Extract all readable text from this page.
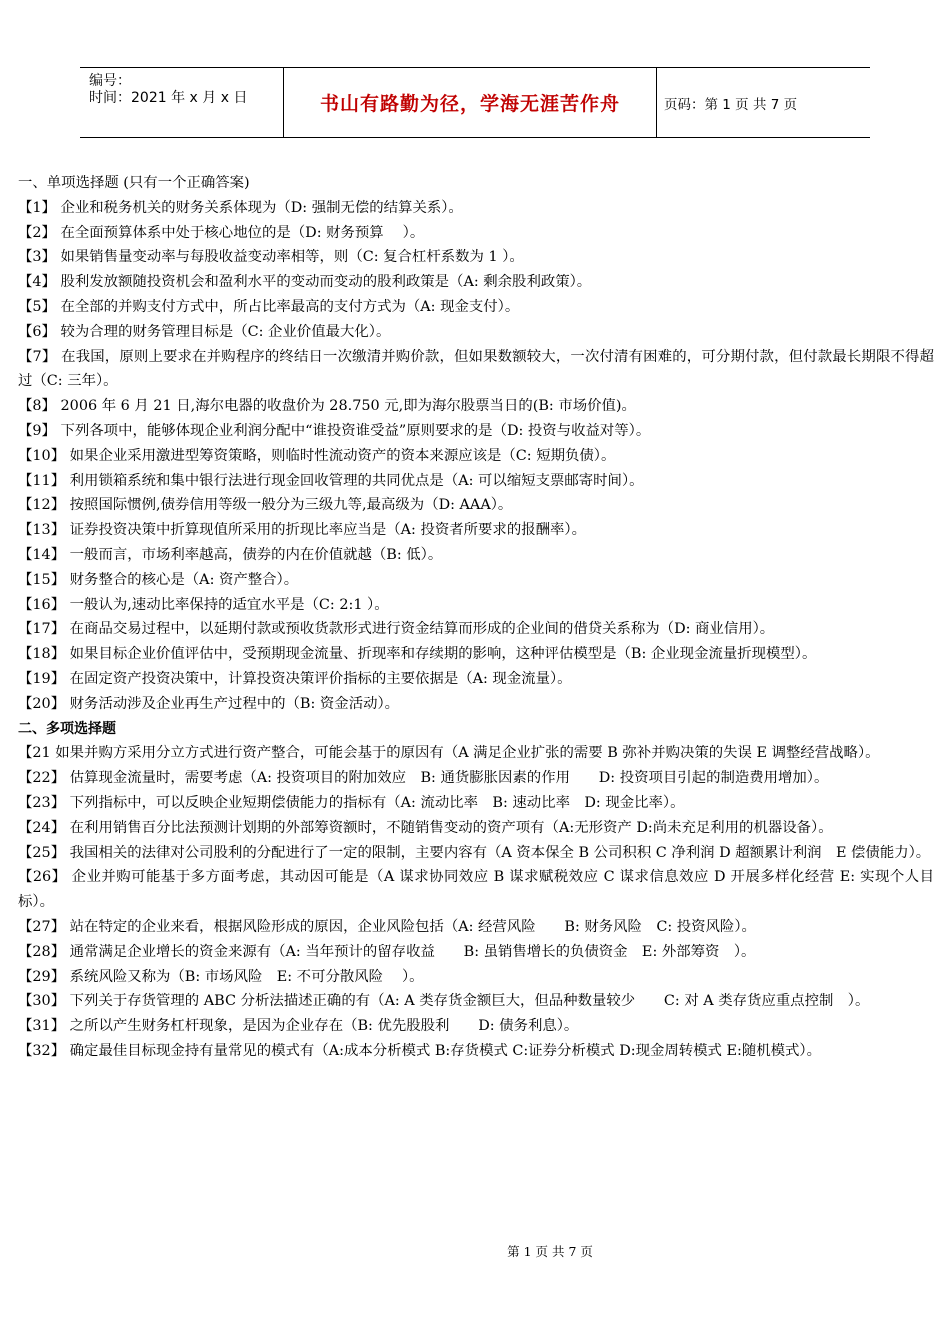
编号：
时间：2021 年 x 月 x 日	书山有路勤为径，学海无涯苦作舟	页码：第 1 页 共 7 页
一、单项选择题 (只有一个正确答案)
【1】 企业和税务机关的财务关系体现为（D: 强制无偿的结算关系）。
【2】 在全面预算体系中处于核心地位的是（D: 财务预算　 ）。
【3】 如果销售量变动率与每股收益变动率相等，则（C: 复合杠杆系数为 1 ）。
【4】 股利发放额随投资机会和盈利水平的变动而变动的股利政策是（A: 剩余股利政策）。
【5】 在全部的并购支付方式中，所占比率最高的支付方式为（A: 现金支付）。
【6】 较为合理的财务管理目标是（C: 企业价值最大化）。
【7】 在我国，原则上要求在并购程序的终结日一次缴清并购价款，但如果数额较大，一次付清有困难的，可分期付款，但付款最长期限不得超过（C: 三年）。
【8】 2006 年 6 月 21 日,海尔电器的收盘价为 28.750 元,即为海尔股票当日的(B: 市场价值)。
【9】 下列各项中，能够体现企业利润分配中“谁投资谁受益”原则要求的是（D: 投资与收益对等）。
【10】 如果企业采用激进型筹资策略，则临时性流动资产的资本来源应该是（C: 短期负债）。
【11】 利用锁箱系统和集中银行法进行现金回收管理的共同优点是（A: 可以缩短支票邮寄时间）。
【12】 按照国际惯例,债券信用等级一般分为三级九等,最高级为（D: AAA）。
【13】 证券投资决策中折算现值所采用的折现比率应当是（A: 投资者所要求的报酬率）。
【14】 一般而言，市场利率越高，债券的内在价值就越（B: 低）。
【15】 财务整合的核心是（A: 资产整合）。
【16】 一般认为,速动比率保持的适宜水平是（C: 2:1 ）。
【17】 在商品交易过程中，以延期付款或预收货款形式进行资金结算而形成的企业间的借贷关系称为（D: 商业信用）。
【18】 如果目标企业价值评估中，受预期现金流量、折现率和存续期的影响，这种评估模型是（B: 企业现金流量折现模型）。
【19】 在固定资产投资决策中，计算投资决策评价指标的主要依据是（A: 现金流量）。
【20】 财务活动涉及企业再生产过程中的（B: 资金活动）。
二、多项选择题
【21 如果并购方采用分立方式进行资产整合，可能会基于的原因有（A 满足企业扩张的需要 B 弥补并购决策的失误 E 调整经营战略）。
【22】 估算现金流量时，需要考虑（A: 投资项目的附加效应　B: 通货膨胀因素的作用　　D: 投资项目引起的制造费用增加）。
【23】 下列指标中，可以反映企业短期偿债能力的指标有（A: 流动比率　B: 速动比率　D: 现金比率）。
【24】 在利用销售百分比法预测计划期的外部筹资额时，不随销售变动的资产项有（A:无形资产 D:尚未充足利用的机器设备）。
【25】 我国相关的法律对公司股利的分配进行了一定的限制，主要内容有（A 资本保全 B 公司积积 C 净利润 D 超额累计利润　E 偿债能力）。
【26】 企业并购可能基于多方面考虑，其动因可能是（A 谋求协同效应 B 谋求赋税效应 C 谋求信息效应 D 开展多样化经营 E: 实现个人目标）。
【27】 站在特定的企业来看，根据风险形成的原因，企业风险包括（A: 经营风险　　B: 财务风险　C: 投资风险）。
【28】 通常满足企业增长的资金来源有（A: 当年预计的留存收益　　B: 虽销售增长的负债资金　E: 外部筹资　）。
【29】 系统风险又称为（B: 市场风险　E: 不可分散风险　 ）。
【30】 下列关于存货管理的 ABC 分析法描述正确的有（A: A 类存货金额巨大，但品种数量较少　　C: 对 A 类存货应重点控制　）。
【31】 之所以产生财务杠杆现象，是因为企业存在（B: 优先股股利　　D: 债务利息）。
【32】 确定最佳目标现金持有量常见的模式有（A:成本分析模式 B:存货模式 C:证券分析模式 D:现金周转模式 E:随机模式）。
第 1 页 共 7 页
